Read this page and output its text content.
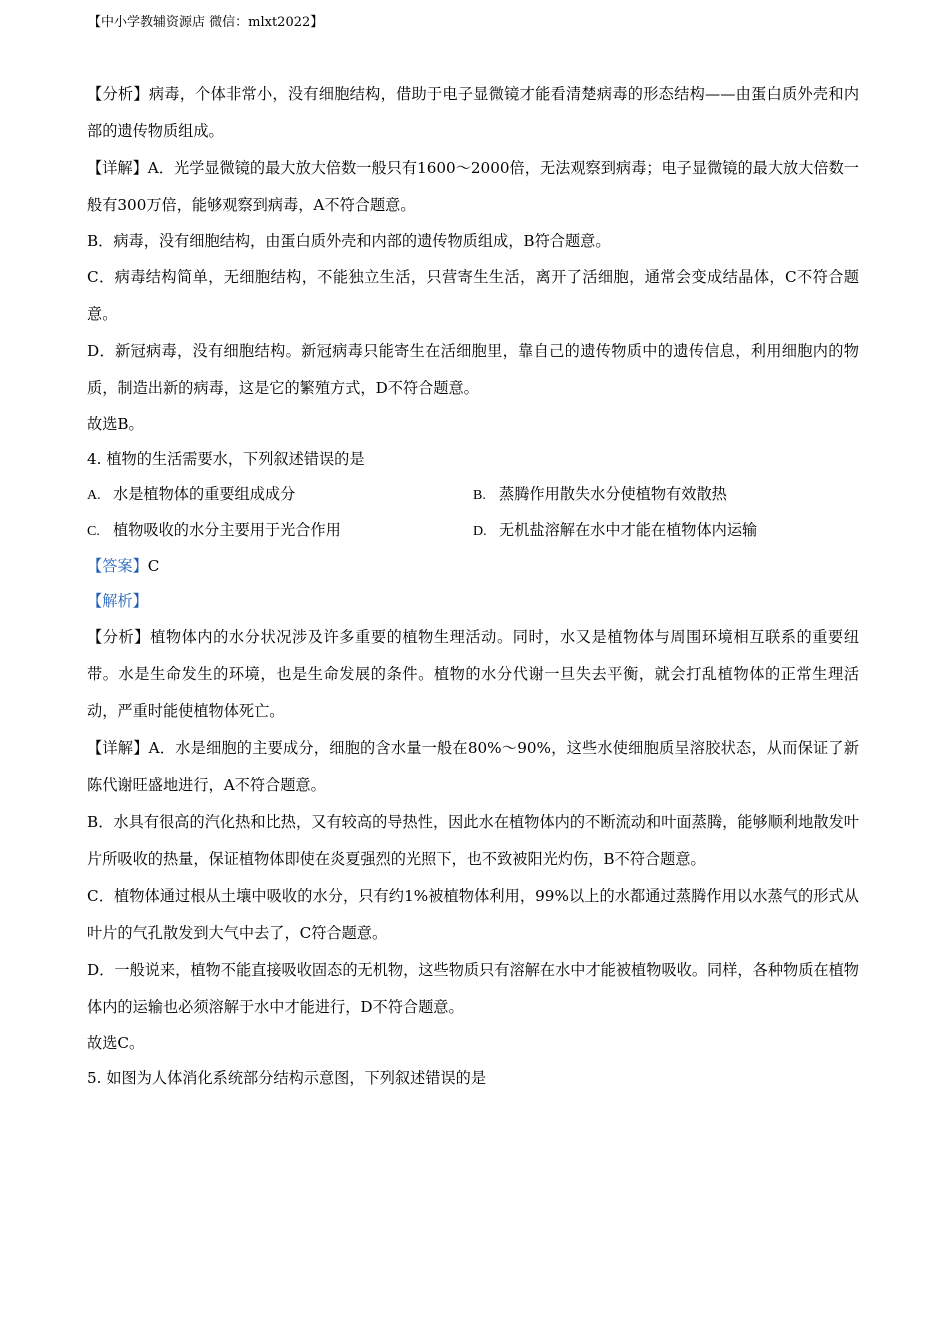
【中小学教辅资源店 微信：mlxt2022】

【分析】病毒，个体非常小，没有细胞结构，借助于电子显微镜才能看清楚病毒的形态结构——由蛋白质外壳和内部的遗传物质组成。

【详解】A．光学显微镜的最大放大倍数一般只有1600～2000倍，无法观察到病毒；电子显微镜的最大放大倍数一般有300万倍，能够观察到病毒，A不符合题意。

B．病毒，没有细胞结构，由蛋白质外壳和内部的遗传物质组成，B符合题意。

C．病毒结构简单，无细胞结构，不能独立生活，只营寄生生活，离开了活细胞，通常会变成结晶体，C不符合题意。

D．新冠病毒，没有细胞结构。新冠病毒只能寄生在活细胞里，靠自己的遗传物质中的遗传信息，利用细胞内的物质，制造出新的病毒，这是它的繁殖方式，D不符合题意。

故选B。

4. 植物的生活需要水，下列叙述错误的是

A. 水是植物体的重要组成成分	B. 蒸腾作用散失水分使植物有效散热
C. 植物吸收的水分主要用于光合作用	D. 无机盐溶解在水中才能在植物体内运输

【答案】C

【解析】

【分析】植物体内的水分状况涉及许多重要的植物生理活动。同时，水又是植物体与周围环境相互联系的重要纽带。水是生命发生的环境，也是生命发展的条件。植物的水分代谢一旦失去平衡，就会打乱植物体的正常生理活动，严重时能使植物体死亡。

【详解】A．水是细胞的主要成分，细胞的含水量一般在80%～90%，这些水使细胞质呈溶胶状态，从而保证了新陈代谢旺盛地进行，A不符合题意。

B．水具有很高的汽化热和比热，又有较高的导热性，因此水在植物体内的不断流动和叶面蒸腾，能够顺利地散发叶片所吸收的热量，保证植物体即使在炎夏强烈的光照下，也不致被阳光灼伤，B不符合题意。

C．植物体通过根从土壤中吸收的水分，只有约1%被植物体利用，99%以上的水都通过蒸腾作用以水蒸气的形式从叶片的气孔散发到大气中去了，C符合题意。

D．一般说来，植物不能直接吸收固态的无机物，这些物质只有溶解在水中才能被植物吸收。同样，各种物质在植物体内的运输也必须溶解于水中才能进行，D不符合题意。

故选C。

5. 如图为人体消化系统部分结构示意图，下列叙述错误的是
